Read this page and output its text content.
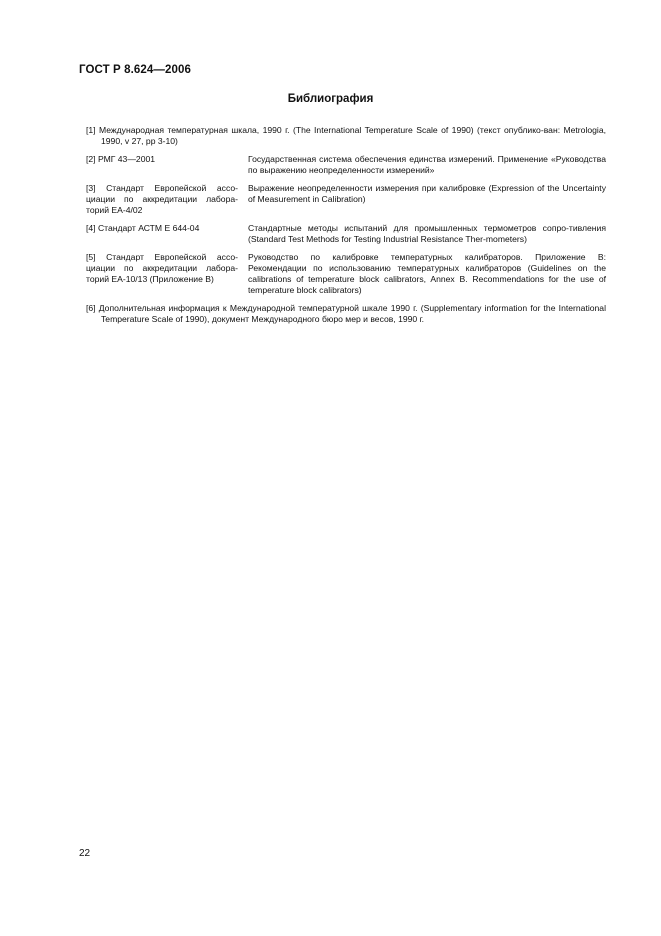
ГОСТ Р 8.624—2006
Библиография
[1] Международная температурная шкала, 1990 г. (The International Temperature Scale of 1990) (текст опублико-ван: Metrologia, 1990, v 27, pp 3-10)
[2] РМГ 43—2001	Государственная система обеспечения единства измерений. Применение «Руководства по выражению неопределенности измерений»
[3] Стандарт Европейской ассо-циации по аккредитации лабора-торий ЕА-4/02
Выражение неопределенности измерения при калибровке (Expression of the Uncertainty of Measurement in Calibration)
[4] Стандарт АСТМ Е 644-04	Стандартные методы испытаний для промышленных термометров сопро-тивления (Standard Test Methods for Testing Industrial Resistance Ther-mometers)
[5] Стандарт Европейской ассо-циации по аккредитации лабора-торий ЕА-10/13 (Приложение В)
Руководство по калибровке температурных калибраторов. Приложение В: Рекомендации по использованию температурных калибраторов (Guidelines on the calibrations of temperature block calibrators, Annex B. Recommendations for the use of temperature block calibrators)
[6] Дополнительная информация к Международной температурной шкале 1990 г. (Supplementary information for the International Temperature Scale of 1990), документ Международного бюро мер и весов, 1990 г.
22
